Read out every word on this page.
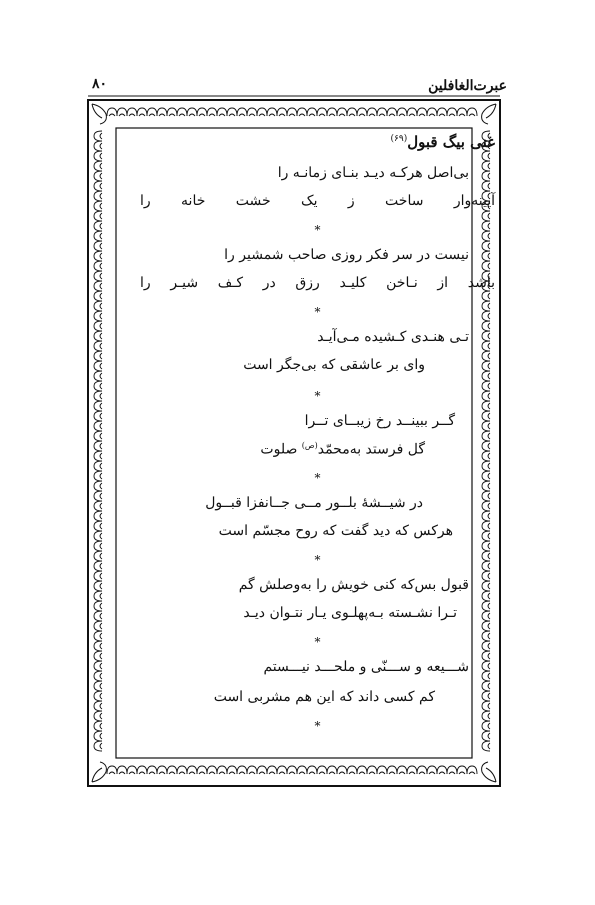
عبرت‌الغافلین
۸۰
غنی بیگ قبول$^{(۶۹)}$
بی‌اصل هرکـه دیـد بنـای زمانـه را
آیینه‌وار ساخت ز یک خشت خانه را
*
نیست در سر فکر روزی صاحب شمشیر را
باشد از نـاخن کلیـد رزق در کـف شیـر را
*
تـی هنـدی کـشیده مـی‌آیـد
وای بر عاشقی که بی‌جگر است
*
گــر ببینــد رخ زیبــای تــرا
گل فرستد به‌محمّد$^{(ص)}$ صلوت
*
در شیــشهٔ بلــور مــی جــانفزا قبــول
هرکس که دید گفت که روح مجسّم است
*
قبول بس‌که کنی خویش را به‌وصلش گم
تـرا نشـسته بـه‌پهلـوی یـار نتـوان دیـد
*
شـــیعه و ســـنّی و ملحـــد نیـــستم
کم کسی داند که این هم مشربی است
*
